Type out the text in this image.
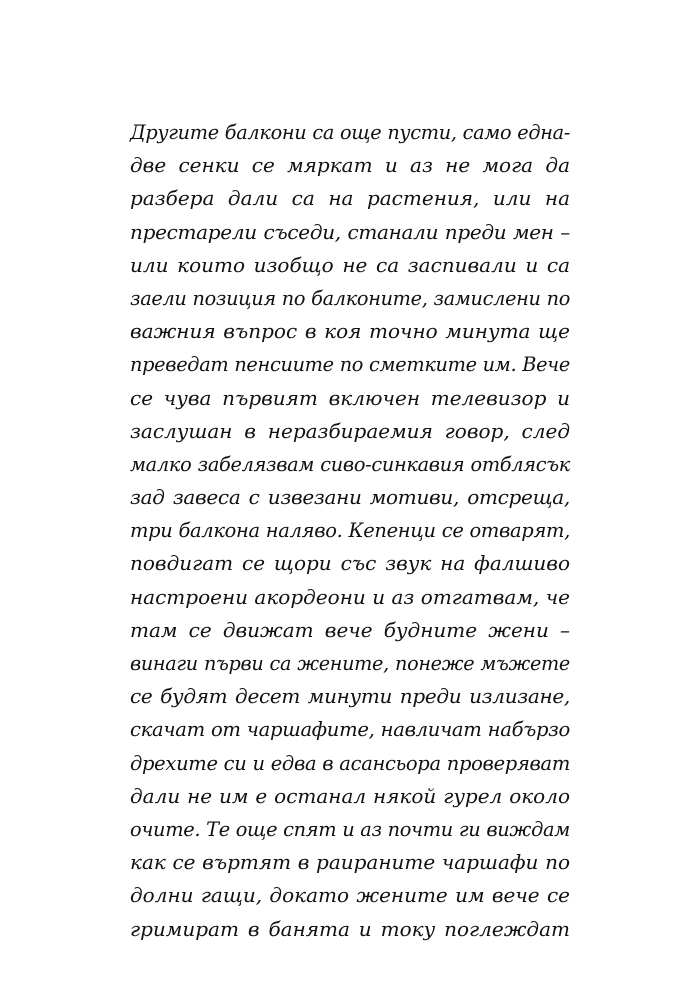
Другите балкони са още пусти, само една-
две сенки се мяркат и аз не мога да
разбера дали са на растения, или на
престарели съседи, станали преди мен –
или които изобщо не са заспивали и са
заели позиция по балконите, замислени по
важния въпрос в коя точно минута ще
преведат пенсиите по сметките им. Вече
се чува първият включен телевизор и
заслушан в неразбираемия говор, след
малко забелязвам сиво-синкавия отблясък
зад завеса с извезани мотиви, отсреща,
три балкона наляво. Кепенци се отварят,
повдигат се щори със звук на фалшиво
настроени акордеони и аз отгатвам, че
там се движат вече будните жени –
винаги първи са жените, понеже мъжете
се будят десет минути преди излизане,
скачат от чаршафите, навличат набързо
дрехите си и едва в асансьора проверяват
дали не им е останал някой гурел около
очите. Те още спят и аз почти ги виждам
как се въртят в раираните чаршафи по
долни гащи, докато жените им вече се
гримират в банята и току поглеждат
